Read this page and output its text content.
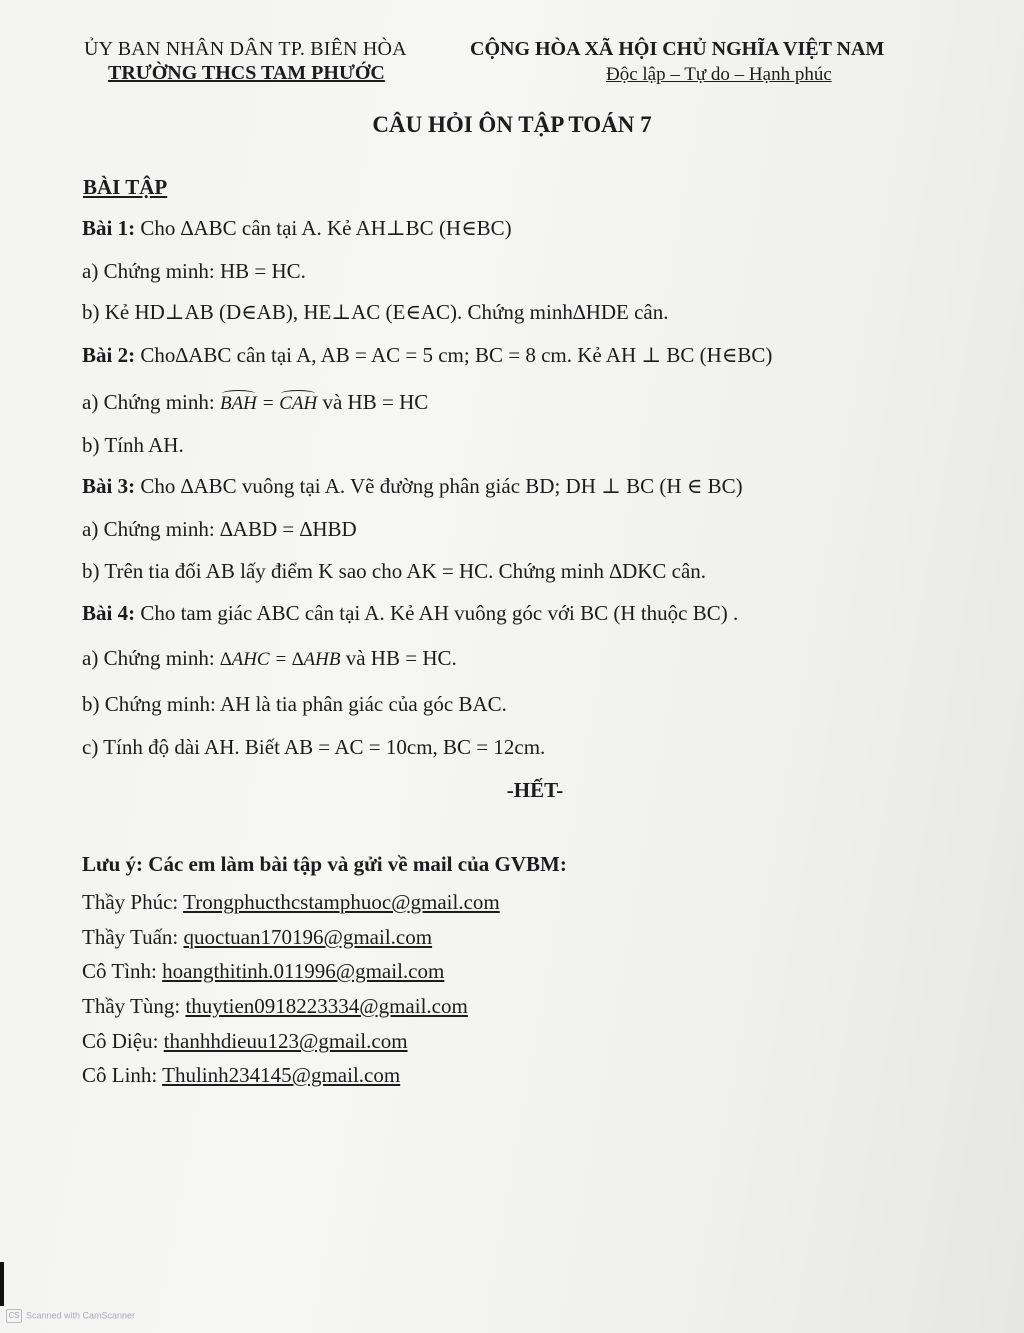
ỦY BAN NHÂN DÂN TP. BIÊN HÒA
TRƯỜNG THCS TAM PHƯỚC
CỘNG HÒA XÃ HỘI CHỦ NGHĨA VIỆT NAM
Độc lập – Tự do – Hạnh phúc
CÂU HỎI ÔN TẬP TOÁN 7
BÀI TẬP
Bài 1: Cho ∆ABC cân tại A. Kẻ AH⊥BC (H∈BC)
a) Chứng minh: HB = HC.
b) Kẻ HD⊥AB (D∈AB), HE⊥AC (E∈AC). Chứng minh∆HDE cân.
Bài 2: Cho∆ABC cân tại A, AB = AC = 5 cm; BC = 8 cm. Kẻ AH ⊥ BC (H∈BC)
a) Chứng minh: BAH = CAH và HB = HC
b) Tính AH.
Bài 3: Cho ∆ABC vuông tại A. Vẽ đường phân giác BD; DH ⊥ BC (H ∈ BC)
a) Chứng minh: ∆ABD = ∆HBD
b) Trên tia đối AB lấy điểm K sao cho AK = HC. Chứng minh ∆DKC cân.
Bài 4: Cho tam giác ABC cân tại A. Kẻ AH vuông góc với BC (H thuộc BC) .
a) Chứng minh: ∆AHC = ∆AHB và HB = HC.
b) Chứng minh: AH là tia phân giác của góc BAC.
c) Tính độ dài AH. Biết AB = AC = 10cm, BC = 12cm.
-HẾT-
Lưu ý: Các em làm bài tập và gửi về mail của GVBM:
Thầy Phúc: Trongphucthcstamphuoc@gmail.com
Thầy Tuấn: quoctuan170196@gmail.com
Cô Tình: hoangthitinh.011996@gmail.com
Thầy Tùng: thuytien0918223334@gmail.com
Cô Diệu: thanhhdieuu123@gmail.com
Cô Linh: Thulinh234145@gmail.com
CS Scanned with CamScanner
